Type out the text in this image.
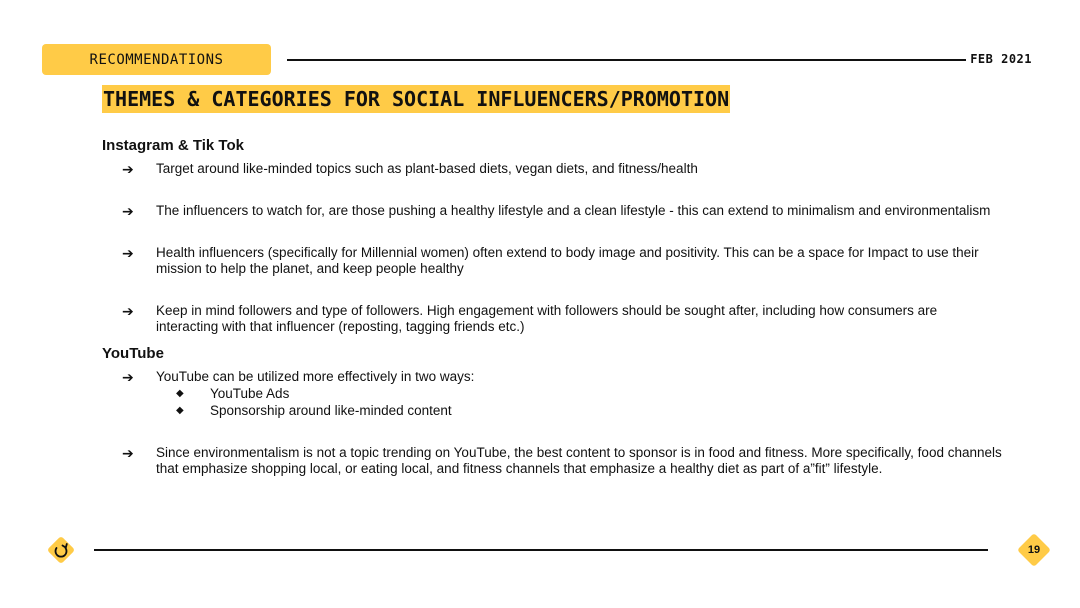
RECOMMENDATIONS	FEB 2021
THEMES & CATEGORIES FOR SOCIAL INFLUENCERS/PROMOTION

Instagram & Tik Tok

➔ Target around like-minded topics such as plant-based diets, vegan diets, and fitness/health
➔ The influencers to watch for, are those pushing a healthy lifestyle and a clean lifestyle - this can extend to minimalism and environmentalism
➔ Health influencers (specifically for Millennial women) often extend to body image and positivity. This can be a space for Impact to use their mission to help the planet, and keep people healthy
➔ Keep in mind followers and type of followers. High engagement with followers should be sought after, including how consumers are interacting with that influencer (reposting, tagging friends etc.)

YouTube

➔ YouTube can be utilized more effectively in two ways:
◆ YouTube Ads
◆ Sponsorship around like-minded content
➔ Since environmentalism is not a topic trending on YouTube, the best content to sponsor is in food and fitness. More specifically, food channels that emphasize shopping local, or eating local, and fitness channels that emphasize a healthy diet as part of a”fit” lifestyle.
19
